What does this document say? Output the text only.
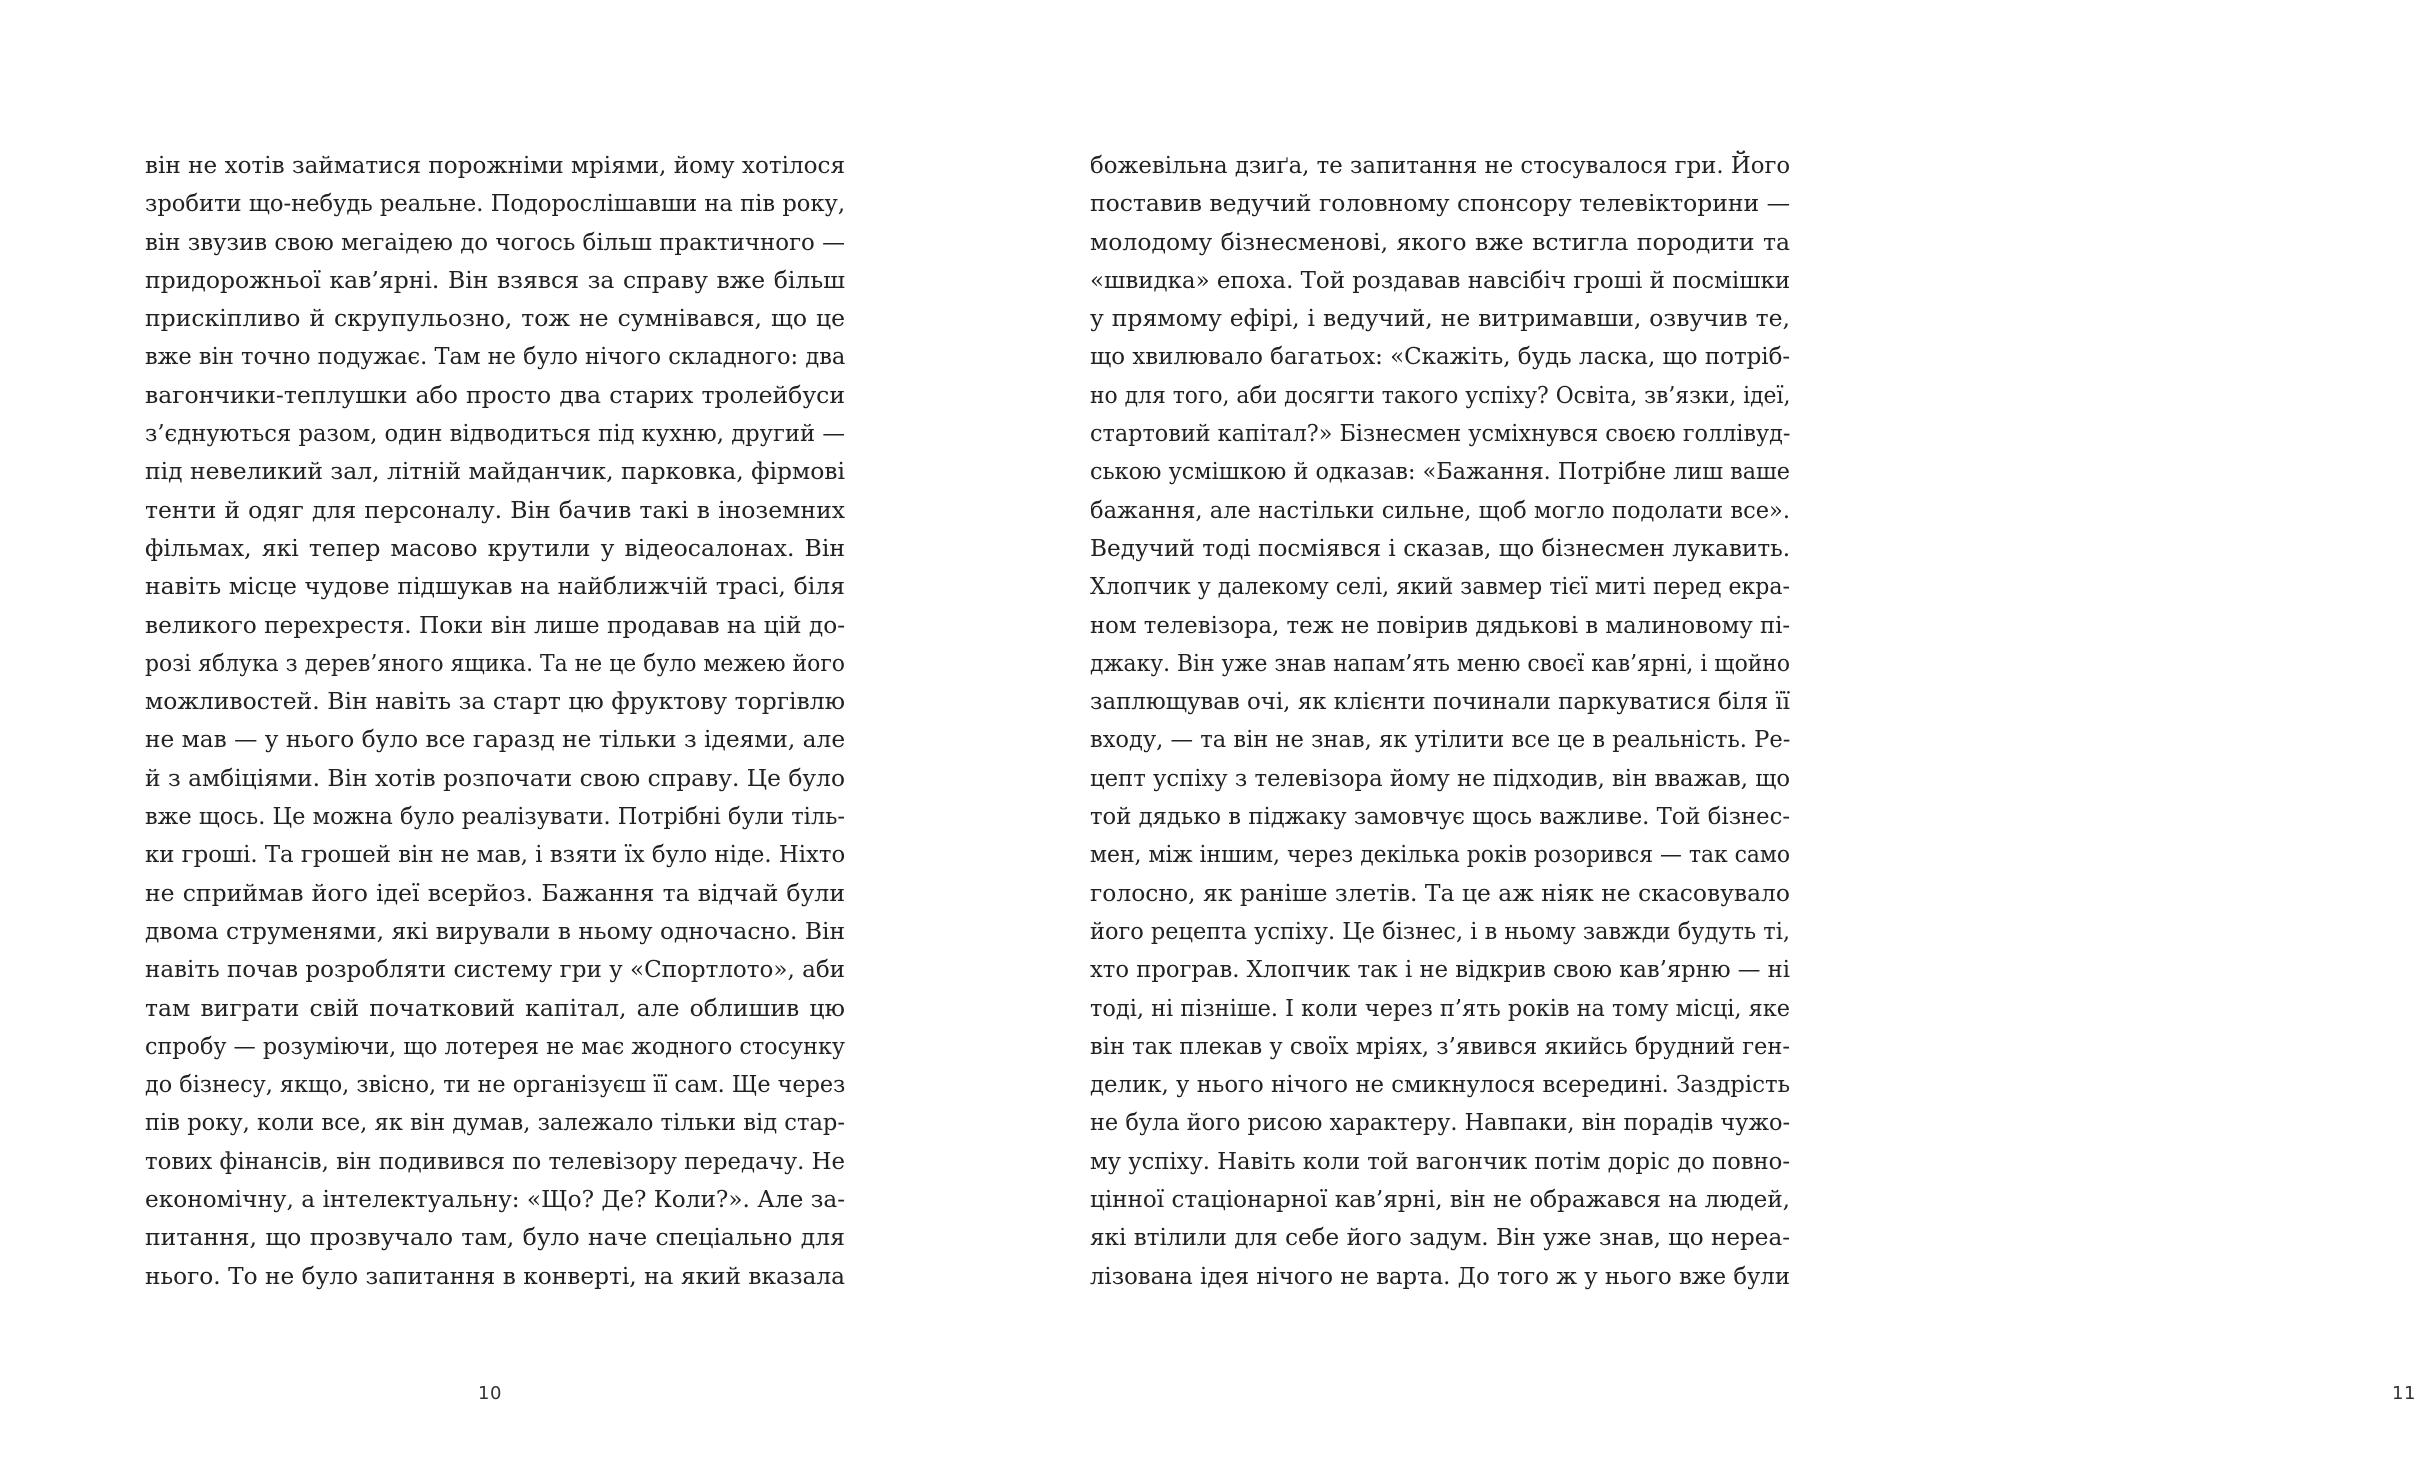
він не хотів займатися порожніми мріями, йому хотілося
зробити що-небудь реальне. Подорослішавши на пів року,
він звузив свою мегаідею до чогось більш практичного —
придорожньої кав’ярні. Він взявся за справу вже більш
прискіпливо й скрупульозно, тож не сумнівався, що це
вже він точно подужає. Там не було нічого складного: два
вагончики-теплушки або просто два старих тролейбуси
з’єднуються разом, один відводиться під кухню, другий —
під невеликий зал, літній майданчик, парковка, фірмові
тенти й одяг для персоналу. Він бачив такі в іноземних
фільмах, які тепер масово крутили у відеосалонах. Він
навіть місце чудове підшукав на найближчій трасі, біля
великого перехрестя. Поки він лише продавав на цій до-
розі яблука з дерев’яного ящика. Та не це було межею його
можливостей. Він навіть за старт цю фруктову торгівлю
не мав — у нього було все гаразд не тільки з ідеями, але
й з амбіціями. Він хотів розпочати свою справу. Це було
вже щось. Це можна було реалізувати. Потрібні були тіль-
ки гроші. Та грошей він не мав, і взяти їх було ніде. Ніхто
не сприймав його ідеї всерйоз. Бажання та відчай були
двома струменями, які вирували в ньому одночасно. Він
навіть почав розробляти систему гри у «Спортлото», аби
там виграти свій початковий капітал, але облишив цю
спробу — розуміючи, що лотерея не має жодного стосунку
до бізнесу, якщо, звісно, ти не організуєш її сам. Ще через
пів року, коли все, як він думав, залежало тільки від стар-
тових фінансів, він подивився по телевізору передачу. Не
економічну, а інтелектуальну: «Що? Де? Коли?». Але за-
питання, що прозвучало там, було наче спеціально для
нього. То не було запитання в конверті, на який вказала
10
божевільна дзиґа, те запитання не стосувалося гри. Його
поставив ведучий головному спонсору телевікторини —
молодому бізнесменові, якого вже встигла породити та
«швидка» епоха. Той роздавав навсібіч гроші й посмішки
у прямому ефірі, і ведучий, не витримавши, озвучив те,
що хвилювало багатьох: «Скажіть, будь ласка, що потріб-
но для того, аби досягти такого успіху? Освіта, зв’язки, ідеї,
стартовий капітал?» Бізнесмен усміхнувся своєю голлівуд-
ською усмішкою й одказав: «Бажання. Потрібне лиш ваше
бажання, але настільки сильне, щоб могло подолати все».
Ведучий тоді посміявся і сказав, що бізнесмен лукавить.
Хлопчик у далекому селі, який завмер тієї миті перед екра-
ном телевізора, теж не повірив дядькові в малиновому пі-
джаку. Він уже знав напам’ять меню своєї кав’ярні, і щойно
заплющував очі, як клієнти починали паркуватися біля її
входу, — та він не знав, як утілити все це в реальність. Ре-
цепт успіху з телевізора йому не підходив, він вважав, що
той дядько в піджаку замовчує щось важливе. Той бізнес-
мен, між іншим, через декілька років розорився — так само
голосно, як раніше злетів. Та це аж ніяк не скасовувало
його рецепта успіху. Це бізнес, і в ньому завжди будуть ті,
хто програв. Хлопчик так і не відкрив свою кав’ярню — ні
тоді, ні пізніше. І коли через п’ять років на тому місці, яке
він так плекав у своїх мріях, з’явився якийсь брудний ген-
делик, у нього нічого не смикнулося всередині. Заздрість
не була його рисою характеру. Навпаки, він порадів чужо-
му успіху. Навіть коли той вагончик потім доріс до повно-
цінної стаціонарної кав’ярні, він не ображався на людей,
які втілили для себе його задум. Він уже знав, що нереа-
лізована ідея нічого не варта. До того ж у нього вже були
11
